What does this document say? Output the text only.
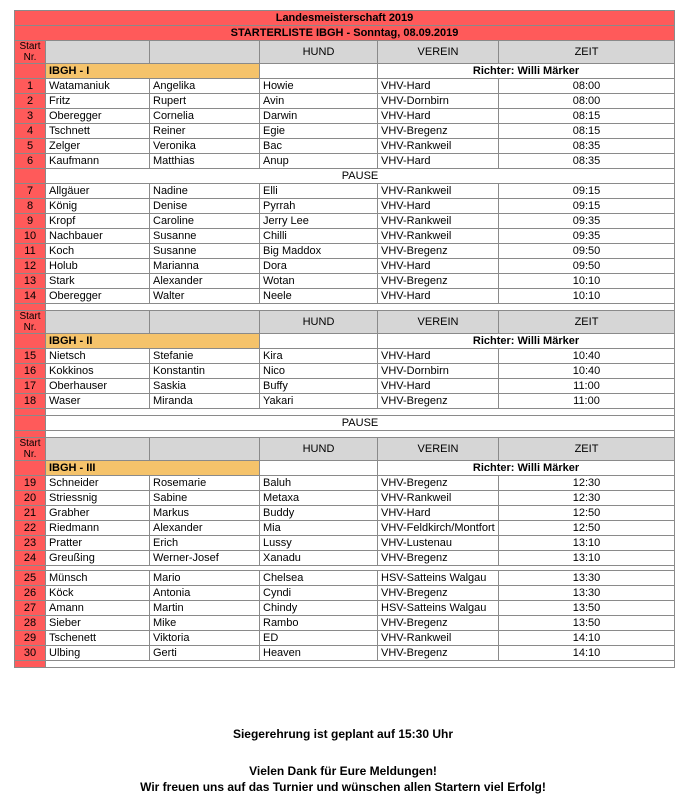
Landesmeisterschaft 2019					
STARTERLISTE IBGH - Sonntag, 08.09.2019					
Start
Nr.			HUND	VEREIN	ZEIT
	IBGH - I			Richter: Willi Märker	
1	Watamaniuk	Angelika	Howie	VHV-Hard	08:00
2	Fritz	Rupert	Avin	VHV-Dornbirn	08:00
3	Oberegger	Cornelia	Darwin	VHV-Hard	08:15
4	Tschnett	Reiner	Egie	VHV-Bregenz	08:15
5	Zelger	Veronika	Bac	VHV-Rankweil	08:35
6	Kaufmann	Matthias	Anup	VHV-Hard	08:35
	PAUSE				
7	Allgäuer	Nadine	Elli	VHV-Rankweil	09:15
8	König	Denise	Pyrrah	VHV-Hard	09:15
9	Kropf	Caroline	Jerry Lee	VHV-Rankweil	09:35
10	Nachbauer	Susanne	Chilli	VHV-Rankweil	09:35
11	Koch	Susanne	Big Maddox	VHV-Bregenz	09:50
12	Holub	Marianna	Dora	VHV-Hard	09:50
13	Stark	Alexander	Wotan	VHV-Bregenz	10:10
14	Oberegger	Walter	Neele	VHV-Hard	10:10

Start
Nr.			HUND	VEREIN	ZEIT
	IBGH - II			Richter: Willi Märker	
15	Nietsch	Stefanie	Kira	VHV-Hard	10:40
16	Kokkinos	Konstantin	Nico	VHV-Dornbirn	10:40
17	Oberhauser	Saskia	Buffy	VHV-Hard	11:00
18	Waser	Miranda	Yakari	VHV-Bregenz	11:00

	PAUSE				

Start
Nr.			HUND	VEREIN	ZEIT
	IBGH - III			Richter: Willi Märker	
19	Schneider	Rosemarie	Baluh	VHV-Bregenz	12:30
20	Striessnig	Sabine	Metaxa	VHV-Rankweil	12:30
21	Grabher	Markus	Buddy	VHV-Hard	12:50
22	Riedmann	Alexander	Mia	VHV-Feldkirch/Montfort	12:50
23	Pratter	Erich	Lussy	VHV-Lustenau	13:10
24	Greußing	Werner-Josef	Xanadu	VHV-Bregenz	13:10

25	Münsch	Mario	Chelsea	HSV-Satteins Walgau	13:30
26	Köck	Antonia	Cyndi	VHV-Bregenz	13:30
27	Amann	Martin	Chindy	HSV-Satteins Walgau	13:50
28	Sieber	Mike	Rambo	VHV-Bregenz	13:50
29	Tschenett	Viktoria	ED	VHV-Rankweil	14:10
30	Ulbing	Gerti	Heaven	VHV-Bregenz	14:10

Siegerehrung ist geplant auf 15:30 Uhr
Vielen Dank für Eure Meldungen!
Wir freuen uns auf das Turnier und wünschen allen Startern viel Erfolg!
